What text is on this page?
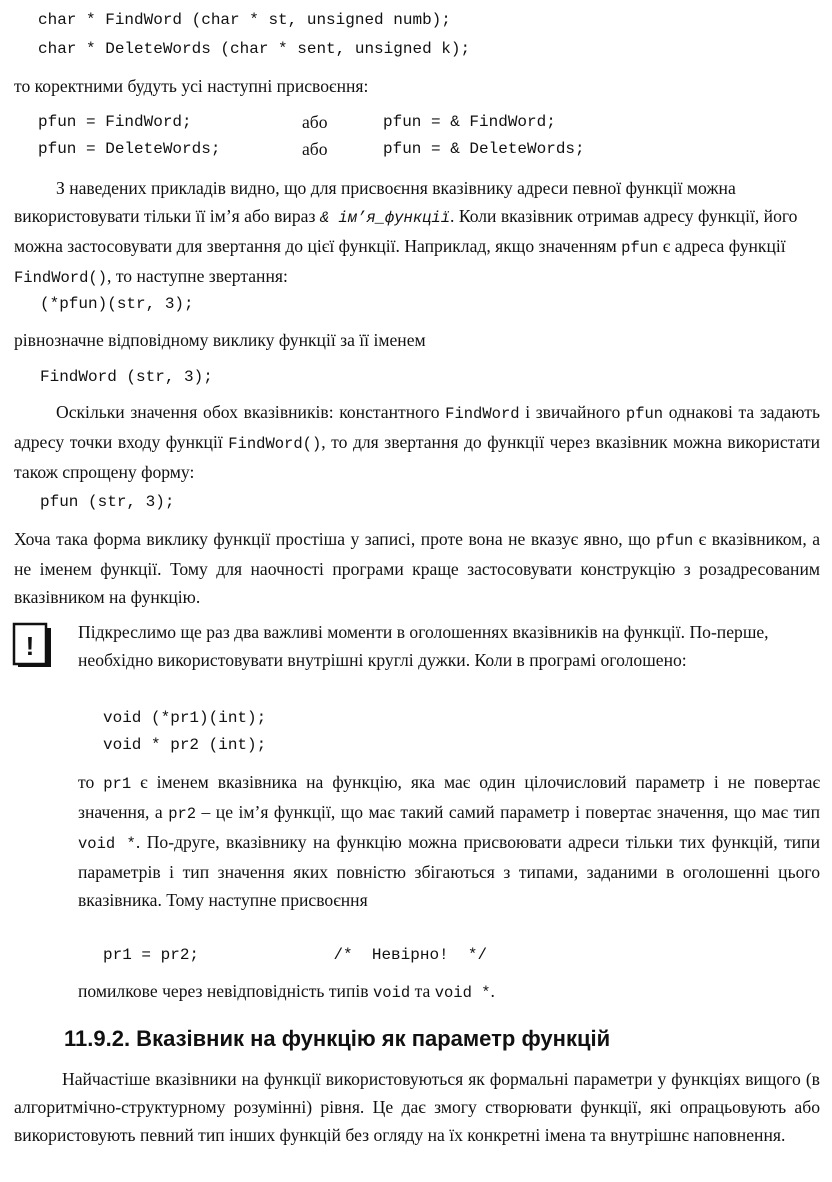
char * FindWord (char * st, unsigned numb);
char * DeleteWords (char * sent, unsigned k);

то коректними будуть усі наступні присвоєння:

pfun = FindWord;	або	pfun = & FindWord;
pfun = DeleteWords;	або	pfun = & DeleteWords;

З наведених прикладів видно, що для присвоєння вказівнику адреси певної функції можна використовувати тільки її ім’я або вираз & ім’я_функції. Коли вказівник отримав адресу функції, його можна застосовувати для звертання до цієї функції. Наприклад, якщо значенням pfun є адреса функції FindWord(), то наступне звертання:

(*pfun)(str, 3);

рівнозначне відповідному виклику функції за її іменем

FindWord (str, 3);

Оскільки значення обох вказівників: константного FindWord і звичайного pfun однакові та задають адресу точки входу функції FindWord(), то для звертання до функції через вказівник можна використати також спрощену форму:

pfun (str, 3);

Хоча така форма виклику функції простіша у записі, проте вона не вказує явно, що pfun є вказівником, а не іменем функції. Тому для наочності програми краще застосовувати конструкцію з розадресованим вказівником на функцію.

! Підкреслимо ще раз два важливі моменти в оголошеннях вказівників на функції. По-перше, необхідно використовувати внутрішні круглі дужки. Коли в програмі оголошено:

void (*pr1)(int);
void * pr2 (int);

то pr1 є іменем вказівника на функцію, яка має один цілочисловий параметр і не повертає значення, а pr2 – це ім’я функції, що має такий самий параметр і повертає значення, що має тип void *. По-друге, вказівнику на функцію можна присвоювати адреси тільки тих функцій, типи параметрів і тип значення яких повністю збігаються з типами, заданими в оголошенні цього вказівника. Тому наступне присвоєння

pr1 = pr2;              /*  Невірно!  */

помилкове через невідповідність типів void та void *.

11.9.2. Вказівник на функцію як параметр функцій

Найчастіше вказівники на функції використовуються як формальні параметри у функціях вищого (в алгоритмічно-структурному розумінні) рівня. Це дає змогу створювати функції, які опрацьовують або використовують певний тип інших функцій без огляду на їх конкретні імена та внутрішнє наповнення.
